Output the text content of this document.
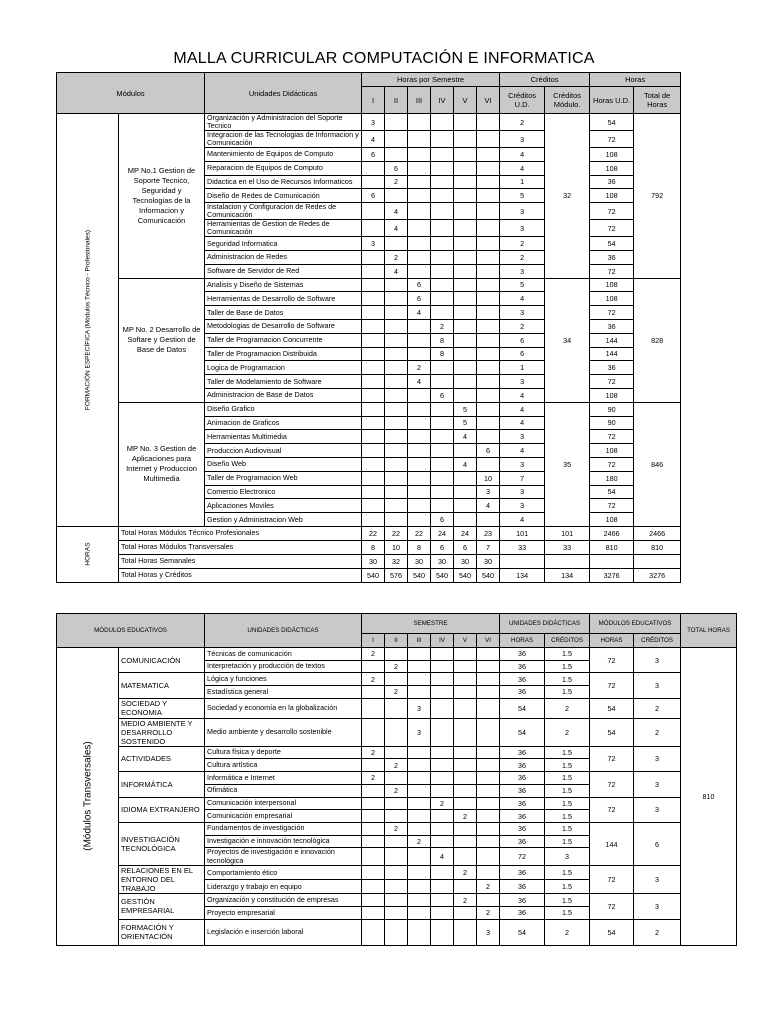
MALLA CURRICULAR COMPUTACIÓN E INFORMATICA
Módulos		Unidades Didácticas	Horas por Semestre						Créditos		Horas	
			I	II	III	IV	V	VI	Créditos U.D.	Créditos Módulo.	Horas U.D.	Total de Horas

FORMACIÓN ESPECÍFICA (Módulos Técnico - Profesionales)	MP No.1 Gestion de Soporte Tecnico, Seguridad y Tecnologias de la Informacion y Comunicación	Organización y Administracion del Soporte Tecnico	3						2	32	54	792
		Integracion de las Tecnologias de Informacion y Comunicación	4						3		72	
		Mantenimiento de Equipos de Computo	6						4		108	
		Reparacion de Equipos de Computo		6					4		108	
		Didactica en el Uso de Recursos Informaticos		2					1		36	
		Diseño de Redes de Comunicación	6						5		108	
		Instalacion y Configuracion de Redes de Comunicación		4					3		72	
		Herramientas de Gestion de Redes de Comunicación		4					3		72	
		Seguridad Informatica	3						2		54	
		Administracion de Redes		2					2		36	
		Software de Servidor de Red		4					3		72	
	MP No. 2 Desarrollo de Softare y Gestion de Base de Datos	Analisis y Diseño de Sistemas			6				5	34	108	828
		Herramientas de Desarrollo de Software			6				4		108	
		Taller de Base de Datos			4				3		72	
		Metodologias de Desarrollo de Software				2			2		36	
		Taller de Programacion Concurrente				8			6		144	
		Taller de Programacion Distribuida				8			6		144	
		Logica de Programacion			2				1		36	
		Taller de Modelamiento de Software			4				3		72	
		Administracion de Base de Datos				6			4		108	
	MP No. 3 Gestion de Aplicaciones para Internet y Produccion Multimedia	Diseño Grafico					5		4	35	90	846
		Animacion de Graficos					5		4		90	
		Herramientas Multimedia					4		3		72	
		Produccion Audiovisual						6	4		108	
		Diseño Web					4		3		72	
		Taller de Programacion Web						10	7		180	
		Comercio Electronico						3	3		54	
		Aplicaciones Moviles						4	3		72	
		Gestion y Administracion Web				6			4		108	

HORAS	Total Horas Módulos Técnico Profesionales		22	22	22	24	24	23	101	101	2466	2466
	Total Horas Módulos Transversales		8	10	8	6	6	7	33	33	810	810
	Total Horas Semanales		30	32	30	30	30	30				
	Total Horas y Créditos		540	576	540	540	540	540	134	134	3276	3276
MÓDULOS EDUCATIVOS		UNIDADES DIDÁCTICAS	SEMESTRE						UNIDADES DIDÁCTICAS		MÓDULOS EDUCATIVOS		TOTAL HORAS
			I	II	III	IV	V	VI	HORAS	CRÉDITOS	HORAS	CRÉDITOS	

(Módulos Transversales)	COMUNICACIÓN	Técnicas de comunicación	2						36	1.5	72	3	810
		Interpretación y producción de textos		2					36	1.5			
	MATEMATICA	Lógica y funciones	2						36	1.5	72	3	
		Estadística general		2					36	1.5			
	SOCIEDAD Y ECONOMIA	Sociedad y economía en la globalización			3				54	2	54	2	
	MEDIO AMBIENTE Y DESARROLLO SOSTENIDO	Medio ambiente y desarrollo sostenible			3				54	2	54	2	
	ACTIVIDADES	Cultura física y deporte	2						36	1.5	72	3	
		Cultura artística		2					36	1.5			
	INFORMÁTICA	Informática e Internet	2						36	1.5	72	3	
		Ofimática		2					36	1.5			
	IDIOMA EXTRANJERO	Comunicación interpersonal				2			36	1.5	72	3	
		Comunicación empresarial					2		36	1.5			
	INVESTIGACIÓN TECNOLÓGICA	Fundamentos de investigación		2					36	1.5	144	6	
		Investigación e innovación tecnológica			2				36	1.5			
		Proyectos de investigación e innovación tecnológica				4			72	3			
	RELACIONES EN EL ENTORNO DEL TRABAJO	Comportamiento ético					2		36	1.5	72	3	
		Liderazgo y trabajo en equipo						2	36	1.5			
	GESTIÓN EMPRESARIAL	Organización y constitución de empresas					2		36	1.5	72	3	
		Proyecto empresarial						2	36	1.5			
	FORMACIÓN Y ORIENTACIÓN	Legislación e inserción laboral						3	54	2	54	2	
